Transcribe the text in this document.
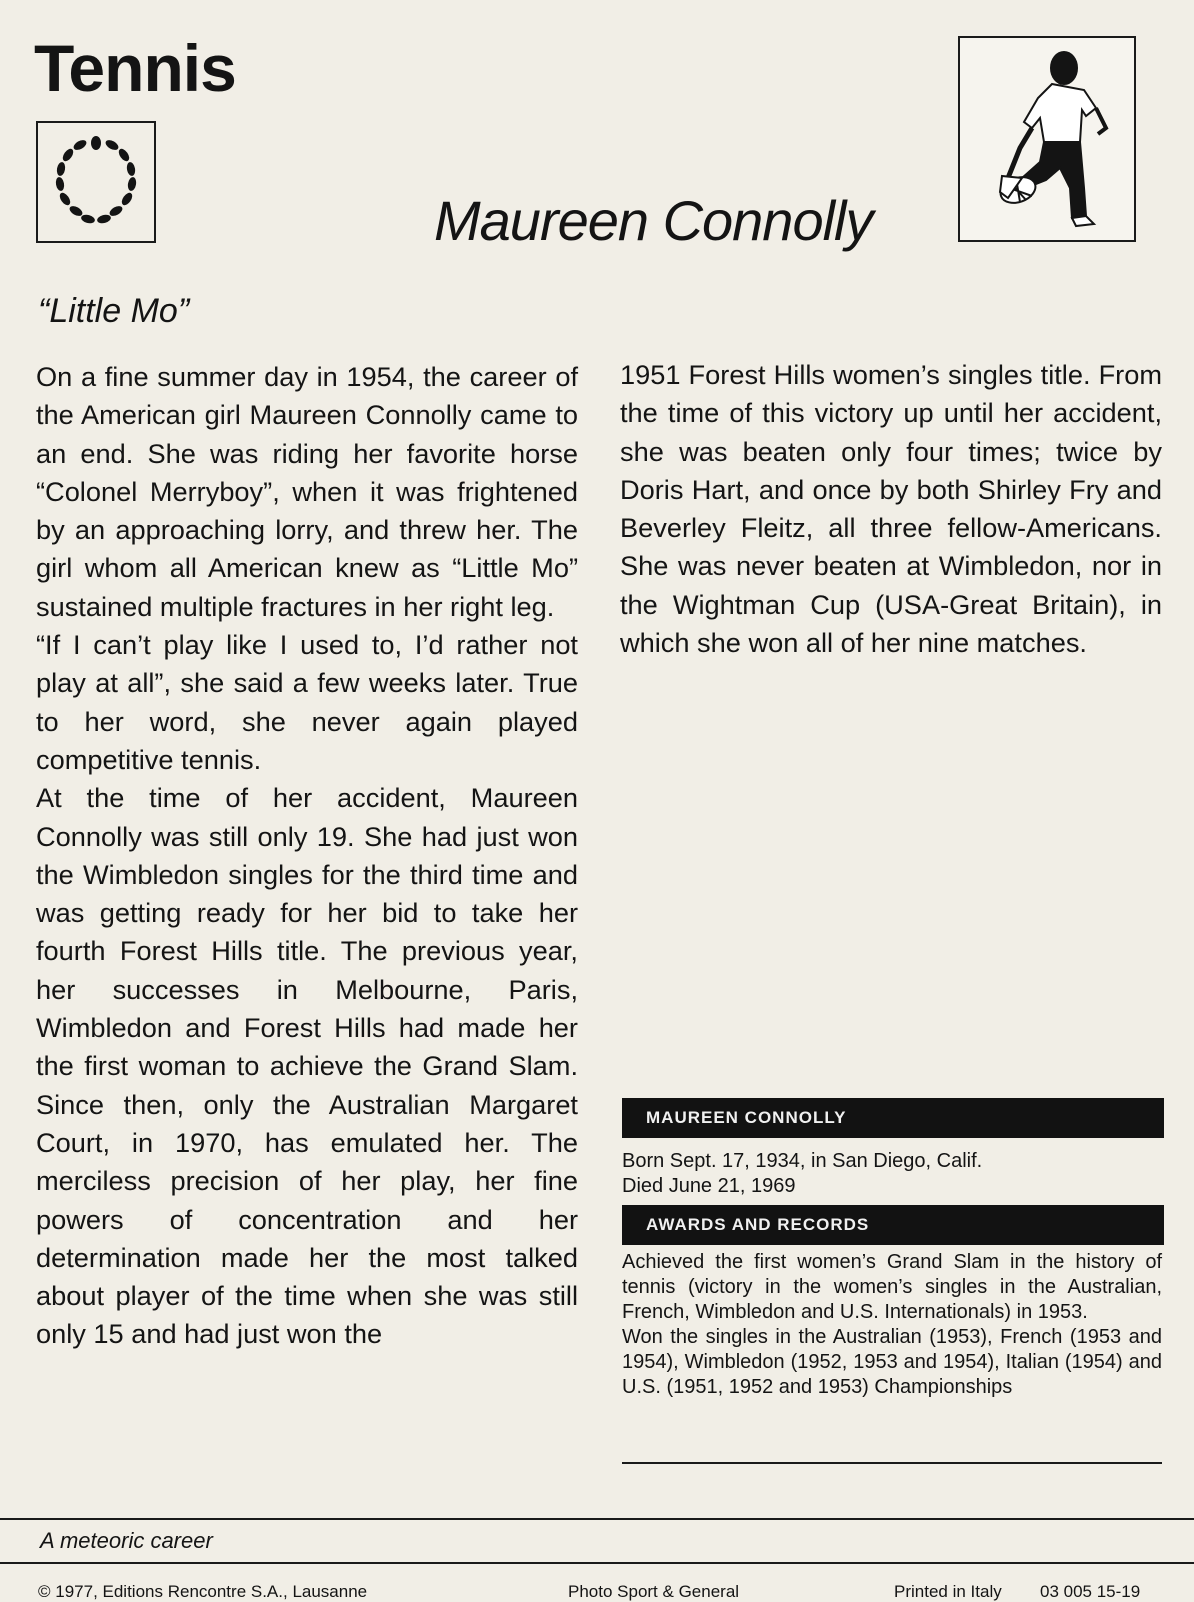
Tennis
Maureen Connolly
“Little Mo”

On a fine summer day in 1954, the career of the American girl Maureen Connolly came to an end. She was riding her favorite horse “Colonel Merryboy”, when it was frightened by an approaching lorry, and threw her. The girl whom all American knew as “Little Mo” sustained multiple fractures in her right leg.

“If I can’t play like I used to, I’d rather not play at all”, she said a few weeks later. True to her word, she never again played competitive tennis.

At the time of her accident, Maureen Connolly was still only 19. She had just won the Wimbledon singles for the third time and was getting ready for her bid to take her fourth Forest Hills title. The previous year, her successes in Melbourne, Paris, Wimbledon and Forest Hills had made her the first woman to achieve the Grand Slam. Since then, only the Australian Margaret Court, in 1970, has emulated her. The merciless precision of her play, her fine powers of concentration and her determination made her the most talked about player of the time when she was still only 15 and had just won the

1951 Forest Hills women’s singles title. From the time of this victory up until her accident, she was beaten only four times; twice by Doris Hart, and once by both Shirley Fry and Beverley Fleitz, all three fellow-Americans. She was never beaten at Wimbledon, nor in the Wightman Cup (USA-Great Britain), in which she won all of her nine matches.

MAUREEN CONNOLLY

Born Sept. 17, 1934, in San Diego, Calif.

Died June 21, 1969

AWARDS AND RECORDS

Achieved the first women’s Grand Slam in the history of tennis (victory in the women’s singles in the Australian, French, Wimbledon and U.S. Internationals) in 1953.

Won the singles in the Australian (1953), French (1953 and 1954), Wimbledon (1952, 1953 and 1954), Italian (1954) and U.S. (1951, 1952 and 1953) Championships

A meteoric career
© 1977, Editions Rencontre S.A., Lausanne	Photo Sport & General	Printed in Italy 03 005 15-19
